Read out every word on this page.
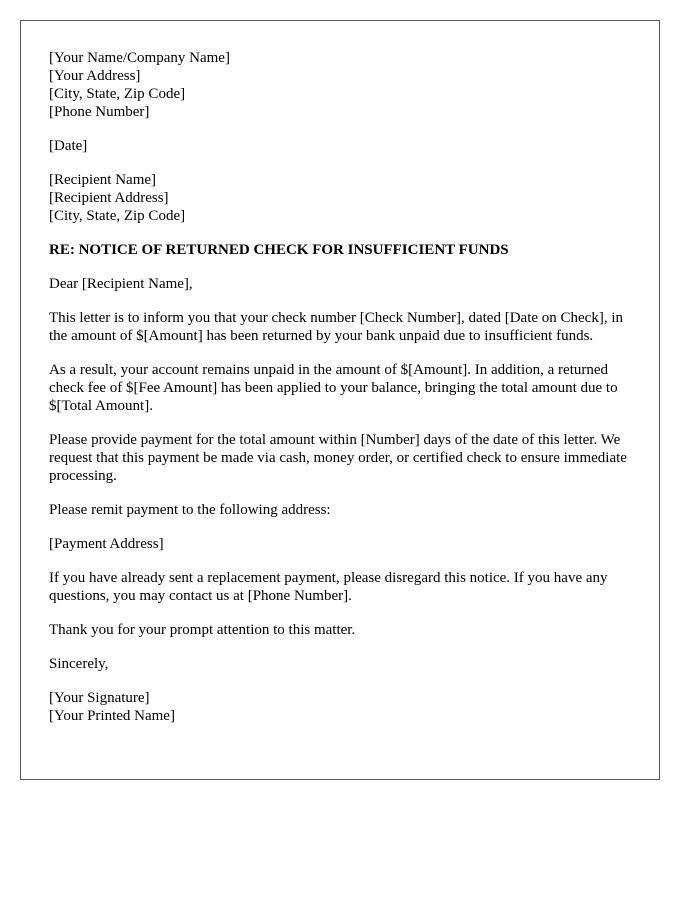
[Your Name/Company Name]
[Your Address]
[City, State, Zip Code]
[Phone Number]
[Date]
[Recipient Name]
[Recipient Address]
[City, State, Zip Code]
RE: NOTICE OF RETURNED CHECK FOR INSUFFICIENT FUNDS

Dear [Recipient Name],

This letter is to inform you that your check number [Check Number], dated [Date on Check], in the amount of $[Amount] has been returned by your bank unpaid due to insufficient funds.

As a result, your account remains unpaid in the amount of $[Amount]. In addition, a returned check fee of $[Fee Amount] has been applied to your balance, bringing the total amount due to $[Total Amount].

Please provide payment for the total amount within [Number] days of the date of this letter. We request that this payment be made via cash, money order, or certified check to ensure immediate processing.

Please remit payment to the following address:

[Payment Address]

If you have already sent a replacement payment, please disregard this notice. If you have any questions, you may contact us at [Phone Number].

Thank you for your prompt attention to this matter.

Sincerely,

[Your Signature]
[Your Printed Name]
